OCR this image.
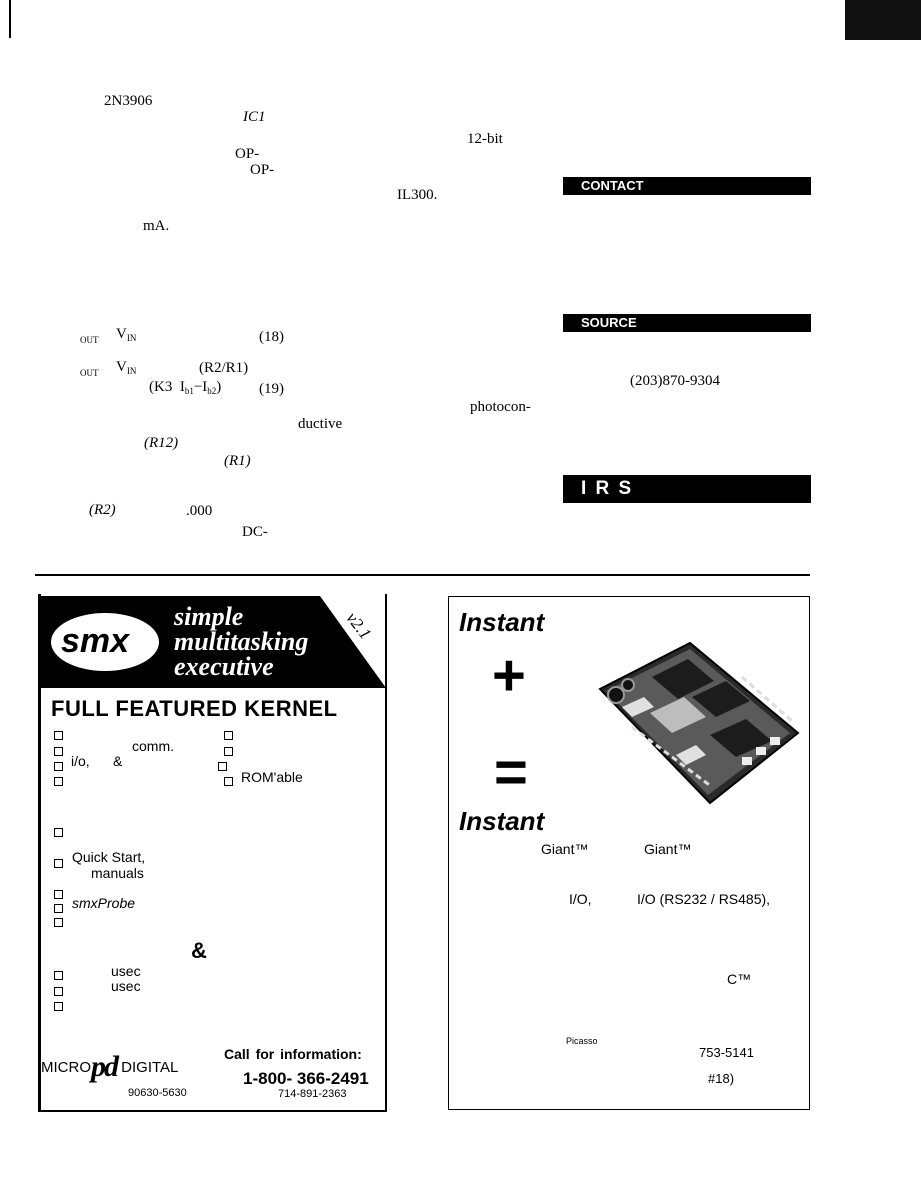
2N3906
IC1
12-bit
OP-
OP-
IL300.
mA.
OUT $V_{IN}$	(18)
OUT $V_{IN}$	(R2/R1)
(K3 $I_{b1}-I_{b2}$)	(19)
photocon-
ductive
(R12)
(R1)
(R2)	.000
DC-
CONTACT
SOURCE
(203)870-9304
I R S
smx
simple
multitasking
executive
v2.1
FULL FEATURED KERNEL
comm.
i/o,      &
ROM'able
Quick Start,
manuals
smxProbe
&
usec
usec
MICROpd DIGITAL
Call for information:
1-800- 366-2491
90630-5630	714-891-2363
Instant
+
=
Instant
Giant™	Giant™
I/O,	I/O (RS232 / RS485),
C™
Picasso
753-5141
#18)
